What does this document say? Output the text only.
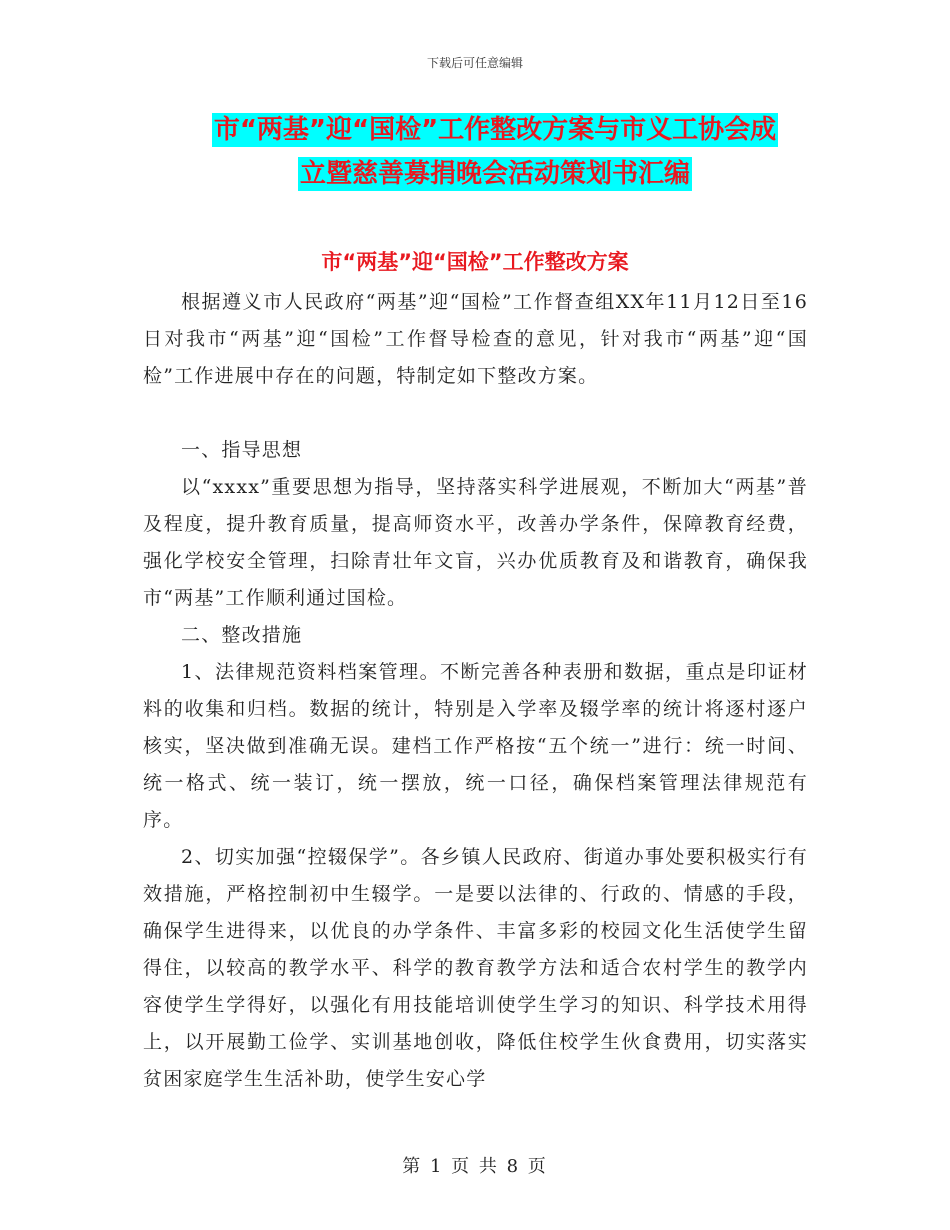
下载后可任意编辑
市“两基”迎“国检”工作整改方案与市义工协会成
立暨慈善募捐晚会活动策划书汇编
市“两基”迎“国检”工作整改方案

根据遵义市人民政府“两基”迎“国检”工作督查组XX年11月12日至16日对我市“两基”迎“国检”工作督导检查的意见，针对我市“两基”迎“国检”工作进展中存在的问题，特制定如下整改方案。

一、指导思想

以“xxxx”重要思想为指导，坚持落实科学进展观，不断加大“两基”普及程度，提升教育质量，提高师资水平，改善办学条件，保障教育经费，强化学校安全管理，扫除青壮年文盲，兴办优质教育及和谐教育，确保我市“两基”工作顺利通过国检。

二、整改措施

1、法律规范资料档案管理。不断完善各种表册和数据，重点是印证材料的收集和归档。数据的统计，特别是入学率及辍学率的统计将逐村逐户核实，坚决做到准确无误。建档工作严格按“五个统一”进行：统一时间、统一格式、统一装订，统一摆放，统一口径，确保档案管理法律规范有序。

2、切实加强“控辍保学”。各乡镇人民政府、街道办事处要积极实行有效措施，严格控制初中生辍学。一是要以法律的、行政的、情感的手段，确保学生进得来，以优良的办学条件、丰富多彩的校园文化生活使学生留得住，以较高的教学水平、科学的教育教学方法和适合农村学生的教学内容使学生学得好，以强化有用技能培训使学生学习的知识、科学技术用得上，以开展勤工俭学、实训基地创收，降低住校学生伙食费用，切实落实贫困家庭学生生活补助，使学生安心学

第 1 页 共 8 页
